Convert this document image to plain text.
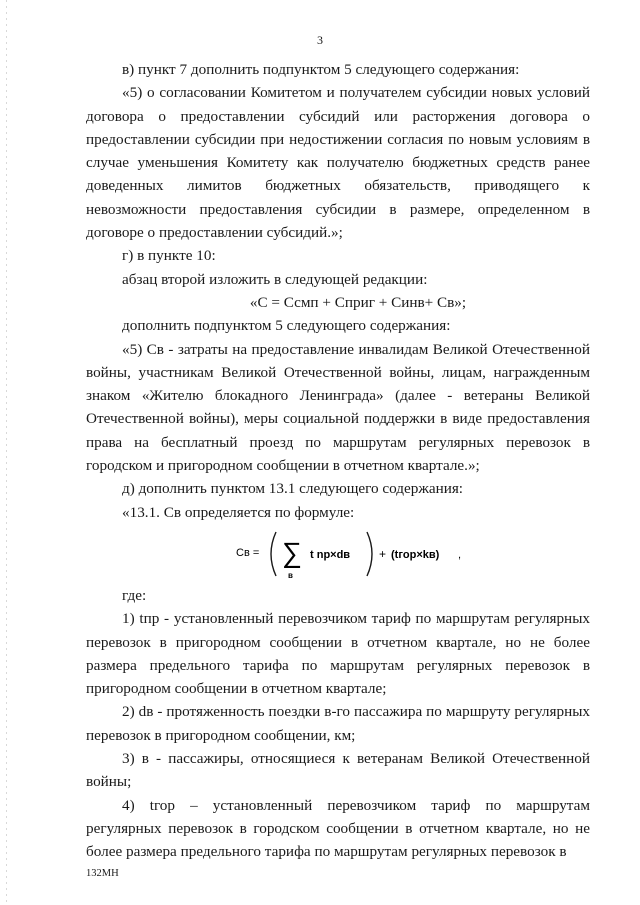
3

в) пункт 7 дополнить подпунктом 5 следующего содержания:

«5) о согласовании Комитетом и получателем субсидии новых условий договора о предоставлении субсидий или расторжения договора о предоставлении субсидии при недостижении согласия по новым условиям в случае уменьшения Комитету как получателю бюджетных средств ранее доведенных лимитов бюджетных обязательств, приводящего к невозможности предоставления субсидии в размере, определенном в договоре о предоставлении субсидий.»;

г) в пункте 10:

абзац второй изложить в следующей редакции:

«С = Ссмп + Сприг + Синв+ Св»;

дополнить подпунктом 5 следующего содержания:

«5) Св - затраты на предоставление инвалидам Великой Отечественной войны, участникам Великой Отечественной войны, лицам, награжденным знаком «Жителю блокадного Ленинграда» (далее - ветераны Великой Отечественной войны), меры социальной поддержки в виде предоставления права на бесплатный проезд по маршрутам регулярных перевозок в городском и пригородном сообщении в отчетном квартале.»;

д) дополнить пунктом 13.1 следующего содержания:

«13.1. Св определяется по формуле:

Св = ∑
в
t np×dв + (tгop×kв) ,

где:

1) tпр - установленный перевозчиком тариф по маршрутам регулярных перевозок в пригородном сообщении в отчетном квартале, но не более размера предельного тарифа по маршрутам регулярных перевозок в пригородном сообщении в отчетном квартале;

2) dв - протяженность поездки в-го пассажира по маршруту регулярных перевозок в пригородном сообщении, км;

3) в - пассажиры, относящиеся к ветеранам Великой Отечественной войны;

4) tгор – установленный перевозчиком тариф по маршрутам регулярных перевозок в городском сообщении в отчетном квартале, но не более размера предельного тарифа по маршрутам регулярных перевозок в

132МН
